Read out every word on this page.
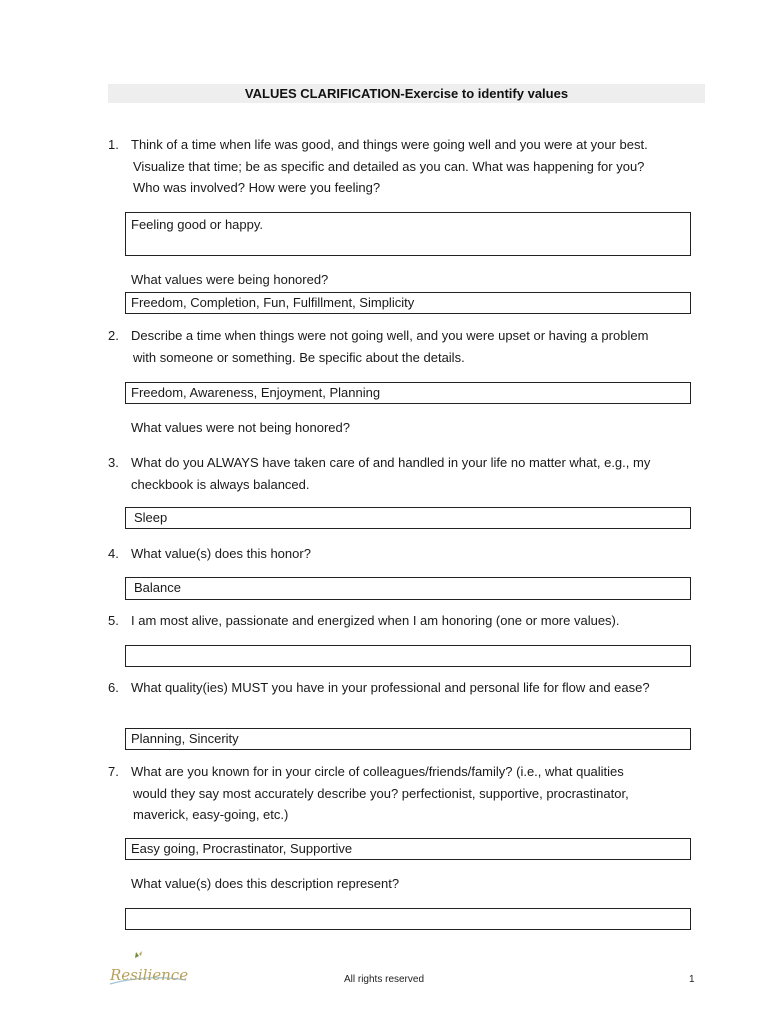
VALUES CLARIFICATION-Exercise to identify values
1. Think of a time when life was good, and things were going well and you were at your best.
Visualize that time; be as specific and detailed as you can. What was happening for you?
Who was involved? How were you feeling?
Feeling good or happy.
What values were being honored?
Freedom, Completion, Fun, Fulfillment, Simplicity
2. Describe a time when things were not going well, and you were upset or having a problem
with someone or something. Be specific about the details.
Freedom, Awareness, Enjoyment, Planning
What values were not being honored?
3. What do you ALWAYS have taken care of and handled in your life no matter what, e.g., my
checkbook is always balanced.
Sleep
4. What value(s) does this honor?
Balance
5. I am most alive, passionate and energized when I am honoring (one or more values).
6. What quality(ies) MUST you have in your professional and personal life for flow and ease?
Planning, Sincerity
7. What are you known for in your circle of colleagues/friends/family? (i.e., what qualities
would they say most accurately describe you? perfectionist, supportive, procrastinator,
maverick, easy-going, etc.)
Easy going, Procrastinator, Supportive
What value(s) does this description represent?
Resilience	All rights reserved	1
